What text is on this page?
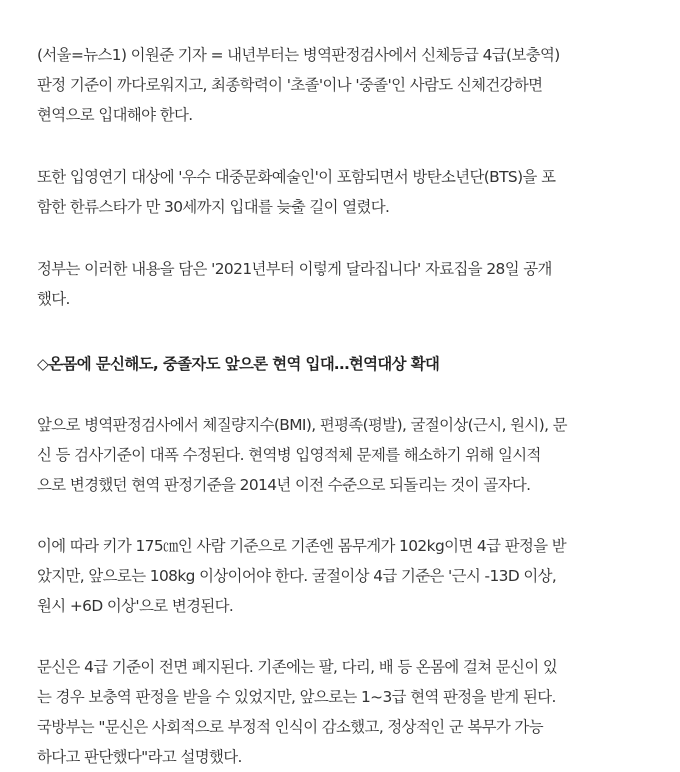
(서울=뉴스1) 이원준 기자 = 내년부터는 병역판정검사에서 신체등급 4급(보충역)
판정 기준이 까다로워지고, 최종학력이 '초졸'이나 '중졸'인 사람도 신체건강하면
현역으로 입대해야 한다.

또한 입영연기 대상에 '우수 대중문화예술인'이 포함되면서 방탄소년단(BTS)을 포
함한 한류스타가 만 30세까지 입대를 늦출 길이 열렸다.

정부는 이러한 내용을 담은 '2021년부터 이렇게 달라집니다' 자료집을 28일 공개
했다.

◇온몸에 문신해도, 중졸자도 앞으론 현역 입대…현역대상 확대

앞으로 병역판정검사에서 체질량지수(BMI), 편평족(평발), 굴절이상(근시, 원시), 문
신 등 검사기준이 대폭 수정된다. 현역병 입영적체 문제를 해소하기 위해 일시적
으로 변경했던 현역 판정기준을 2014년 이전 수준으로 되돌리는 것이 골자다.

이에 따라 키가 175㎝인 사람 기준으로 기존엔 몸무게가 102kg이면 4급 판정을 받
았지만, 앞으로는 108kg 이상이어야 한다. 굴절이상 4급 기준은 '근시 -13D 이상,
원시 +6D 이상'으로 변경된다.

문신은 4급 기준이 전면 폐지된다. 기존에는 팔, 다리, 배 등 온몸에 걸쳐 문신이 있
는 경우 보충역 판정을 받을 수 있었지만, 앞으로는 1~3급 현역 판정을 받게 된다.
국방부는 "문신은 사회적으로 부정적 인식이 감소했고, 정상적인 군 복무가 가능
하다고 판단했다"라고 설명했다.
